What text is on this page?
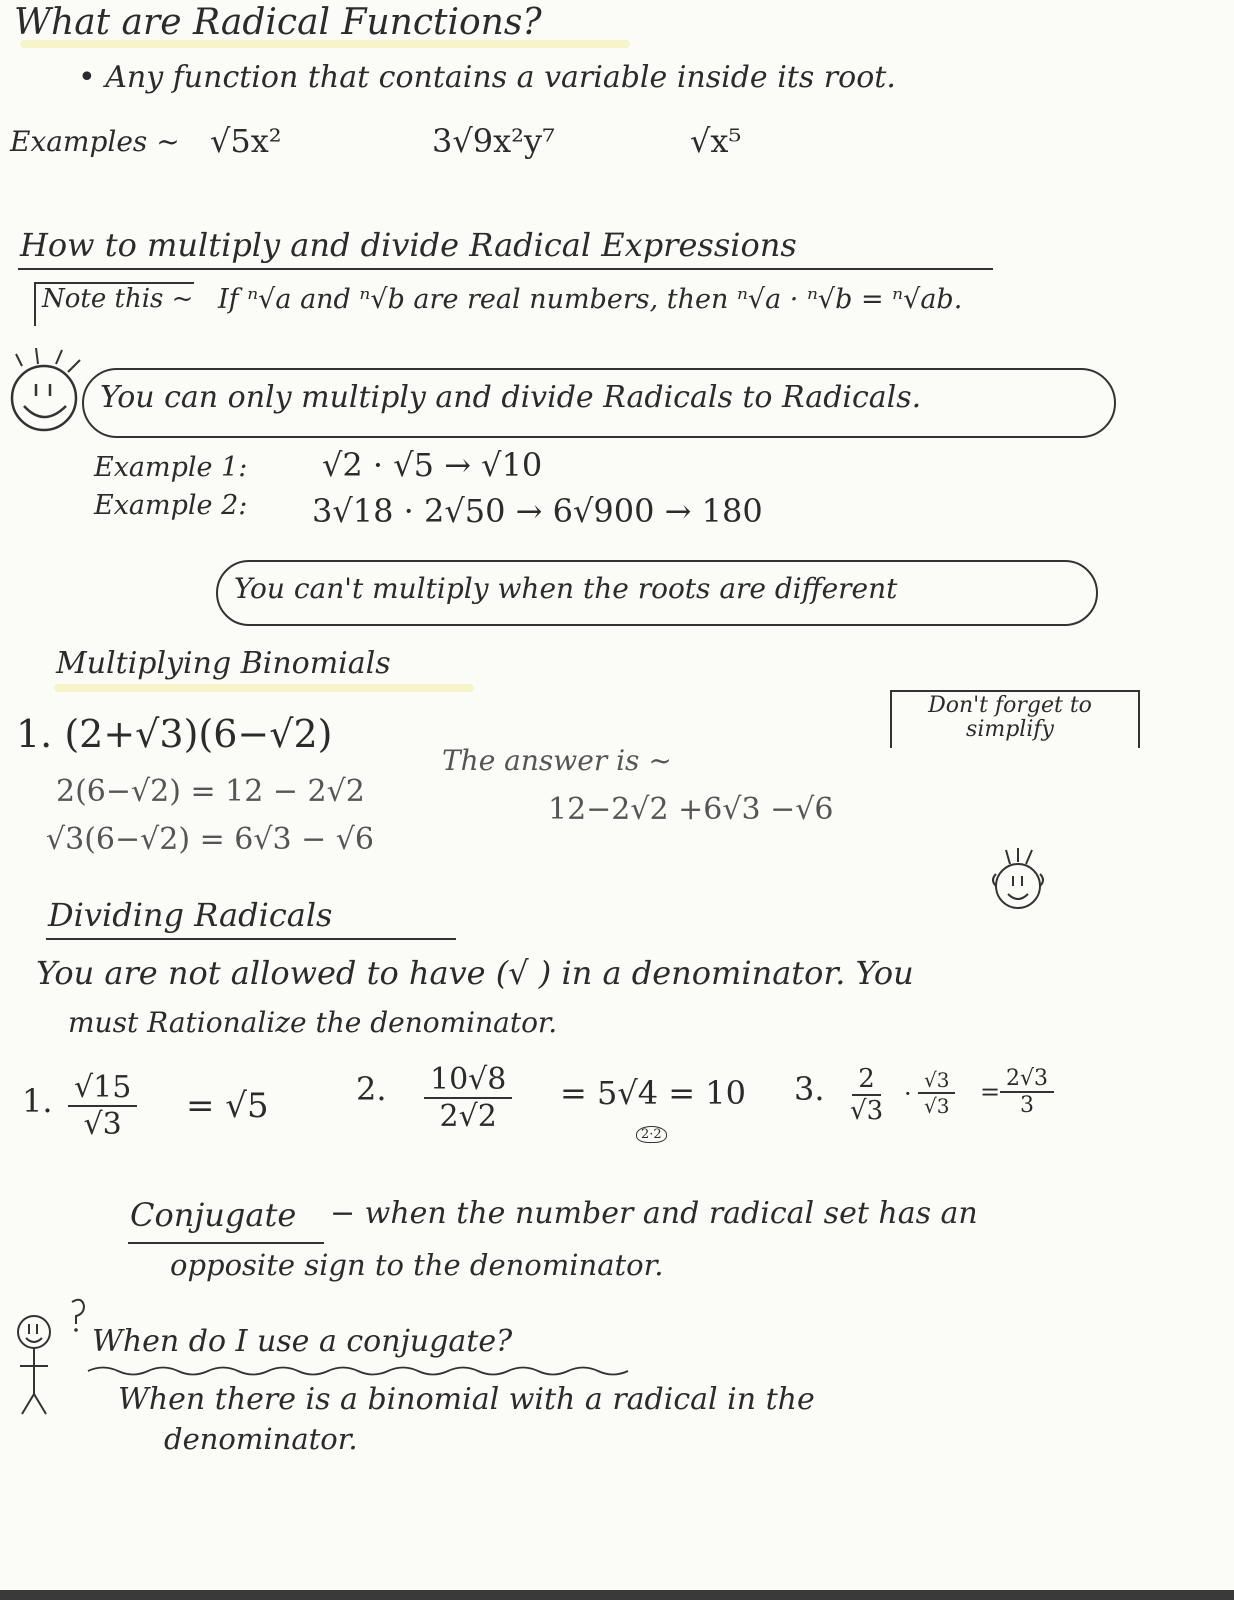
What are Radical Functions?
• Any function that contains a variable inside its root.
Examples ~ √5x²	3√9x²y⁷	√x⁵
How to multiply and divide Radical Expressions
Note this ~ If ⁿ√a and ⁿ√b are real numbers, then ⁿ√a · ⁿ√b = ⁿ√ab.
You can only multiply and divide Radicals to Radicals.
Example 1: √2 · √5 → √10
Example 2: 3√18 · 2√50 → 6√900 → 180
You can't multiply when the roots are different
Multiplying Binomials
1. (2+√3)(6−√2)
2(6−√2) = 12 − 2√2
√3(6−√2) = 6√3 − √6
The answer is ~
12−2√2 +6√3 −√6
Don't forget to simplify
Dividing Radicals
You are not allowed to have (√ ) in a denominator. You
must Rationalize the denominator.
1. $\frac{√15}{√3} = √5$	2. $\frac{10√8}{2√2} = 5√4 = 10$
2·2
3. $\frac{2}{√3} \cdot \frac{√3}{√3} = \frac{2√3}{3}$
Conjugate − when the number and radical set has an
opposite sign to the denominator.
When do I use a conjugate?
When there is a binomial with a radical in the
denominator.
